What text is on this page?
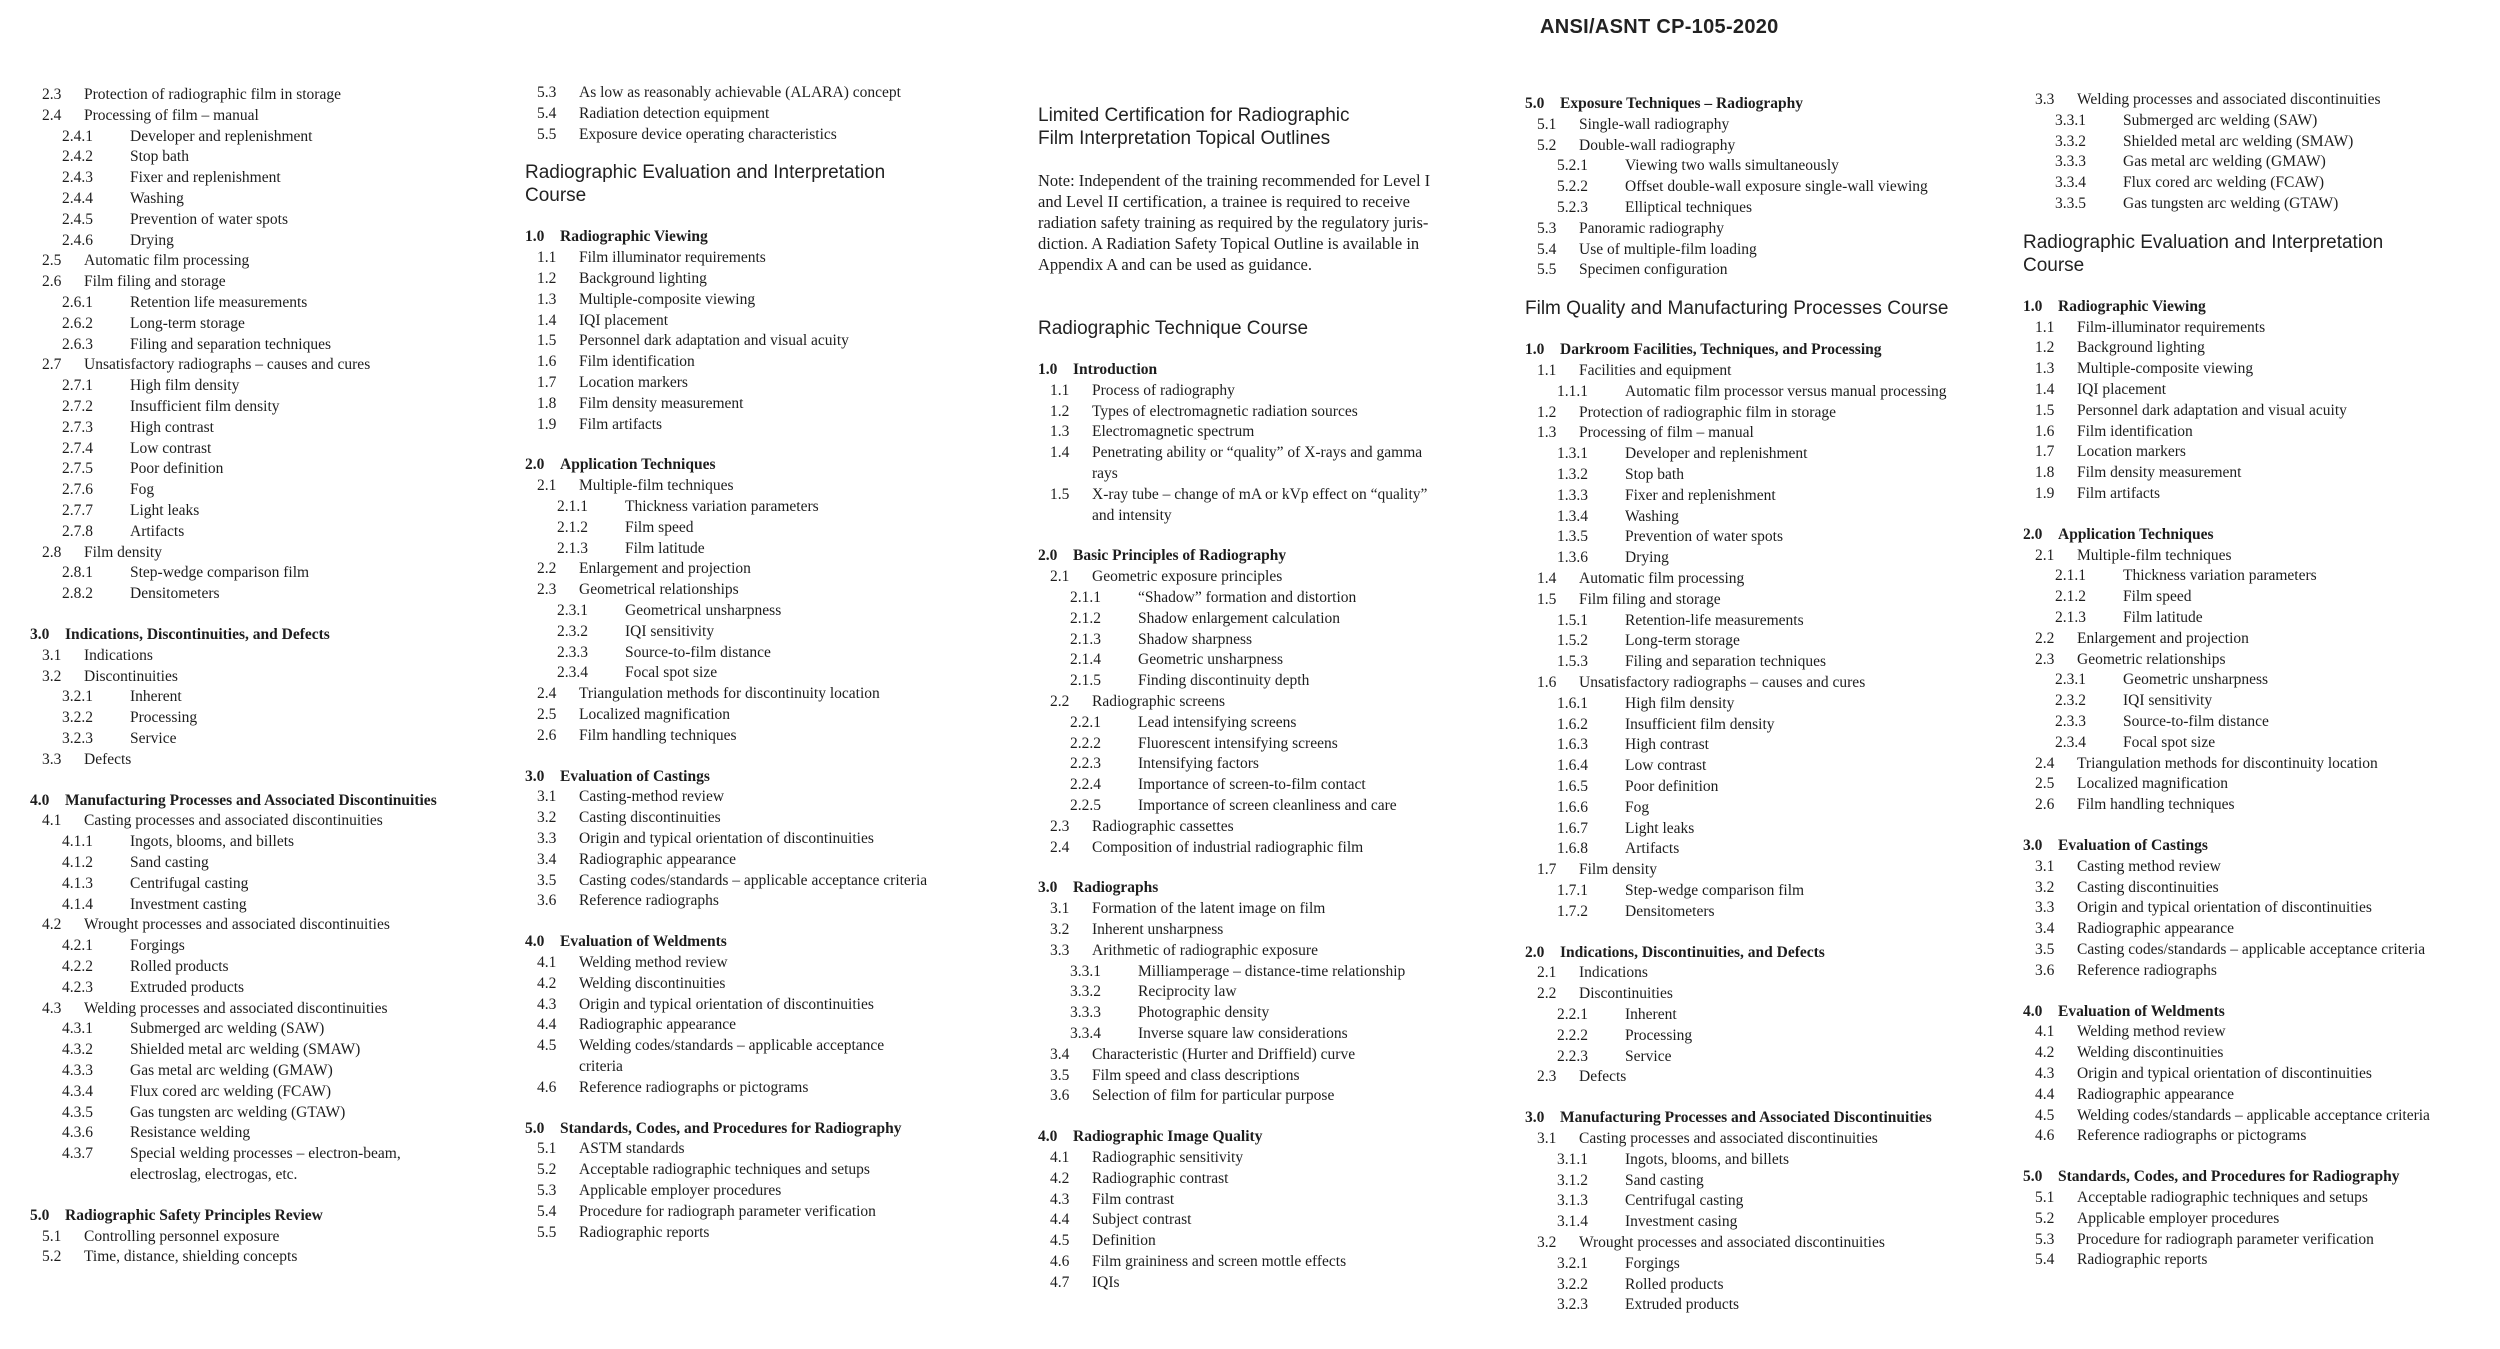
ANSI/ASNT CP-105-2020
2.3 Protection of radiographic film in storage
2.4 Processing of film – manual
2.4.1 Developer and replenishment
2.4.2 Stop bath
2.4.3 Fixer and replenishment
2.4.4 Washing
2.4.5 Prevention of water spots
2.4.6 Drying
2.5 Automatic film processing
2.6 Film filing and storage
2.6.1 Retention life measurements
2.6.2 Long-term storage
2.6.3 Filing and separation techniques
2.7 Unsatisfactory radiographs – causes and cures
2.7.1 High film density
2.7.2 Insufficient film density
2.7.3 High contrast
2.7.4 Low contrast
2.7.5 Poor definition
2.7.6 Fog
2.7.7 Light leaks
2.7.8 Artifacts
2.8 Film density
2.8.1 Step-wedge comparison film
2.8.2 Densitometers
3.0 Indications, Discontinuities, and Defects
3.1 Indications
3.2 Discontinuities
3.2.1 Inherent
3.2.2 Processing
3.2.3 Service
3.3 Defects
4.0 Manufacturing Processes and Associated Discontinuities
4.1 Casting processes and associated discontinuities
4.1.1 Ingots, blooms, and billets
4.1.2 Sand casting
4.1.3 Centrifugal casting
4.1.4 Investment casting
4.2 Wrought processes and associated discontinuities
4.2.1 Forgings
4.2.2 Rolled products
4.2.3 Extruded products
4.3 Welding processes and associated discontinuities
4.3.1 Submerged arc welding (SAW)
4.3.2 Shielded metal arc welding (SMAW)
4.3.3 Gas metal arc welding (GMAW)
4.3.4 Flux cored arc welding (FCAW)
4.3.5 Gas tungsten arc welding (GTAW)
4.3.6 Resistance welding
4.3.7 Special welding processes – electron-beam,
electroslag, electrogas, etc.
5.0 Radiographic Safety Principles Review
5.1 Controlling personnel exposure
5.2 Time, distance, shielding concepts
5.3 As low as reasonably achievable (ALARA) concept
5.4 Radiation detection equipment
5.5 Exposure device operating characteristics
Radiographic Evaluation and Interpretation
Course
1.0 Radiographic Viewing
1.1 Film illuminator requirements
1.2 Background lighting
1.3 Multiple-composite viewing
1.4 IQI placement
1.5 Personnel dark adaptation and visual acuity
1.6 Film identification
1.7 Location markers
1.8 Film density measurement
1.9 Film artifacts
2.0 Application Techniques
2.1 Multiple-film techniques
2.1.1 Thickness variation parameters
2.1.2 Film speed
2.1.3 Film latitude
2.2 Enlargement and projection
2.3 Geometrical relationships
2.3.1 Geometrical unsharpness
2.3.2 IQI sensitivity
2.3.3 Source-to-film distance
2.3.4 Focal spot size
2.4 Triangulation methods for discontinuity location
2.5 Localized magnification
2.6 Film handling techniques
3.0 Evaluation of Castings
3.1 Casting-method review
3.2 Casting discontinuities
3.3 Origin and typical orientation of discontinuities
3.4 Radiographic appearance
3.5 Casting codes/standards – applicable acceptance criteria
3.6 Reference radiographs
4.0 Evaluation of Weldments
4.1 Welding method review
4.2 Welding discontinuities
4.3 Origin and typical orientation of discontinuities
4.4 Radiographic appearance
4.5 Welding codes/standards – applicable acceptance
criteria
4.6 Reference radiographs or pictograms
5.0 Standards, Codes, and Procedures for Radiography
5.1 ASTM standards
5.2 Acceptable radiographic techniques and setups
5.3 Applicable employer procedures
5.4 Procedure for radiograph parameter verification
5.5 Radiographic reports
Limited Certification for Radiographic
Film Interpretation Topical Outlines
Note: Independent of the training recommended for Level I
and Level II certification, a trainee is required to receive
radiation safety training as required by the regulatory juris-
diction. A Radiation Safety Topical Outline is available in
Appendix A and can be used as guidance.
Radiographic Technique Course
1.0 Introduction
1.1 Process of radiography
1.2 Types of electromagnetic radiation sources
1.3 Electromagnetic spectrum
1.4 Penetrating ability or “quality” of X-rays and gamma
rays
1.5 X-ray tube – change of mA or kVp effect on “quality”
and intensity
2.0 Basic Principles of Radiography
2.1 Geometric exposure principles
2.1.1 “Shadow” formation and distortion
2.1.2 Shadow enlargement calculation
2.1.3 Shadow sharpness
2.1.4 Geometric unsharpness
2.1.5 Finding discontinuity depth
2.2 Radiographic screens
2.2.1 Lead intensifying screens
2.2.2 Fluorescent intensifying screens
2.2.3 Intensifying factors
2.2.4 Importance of screen-to-film contact
2.2.5 Importance of screen cleanliness and care
2.3 Radiographic cassettes
2.4 Composition of industrial radiographic film
3.0 Radiographs
3.1 Formation of the latent image on film
3.2 Inherent unsharpness
3.3 Arithmetic of radiographic exposure
3.3.1 Milliamperage – distance-time relationship
3.3.2 Reciprocity law
3.3.3 Photographic density
3.3.4 Inverse square law considerations
3.4 Characteristic (Hurter and Driffield) curve
3.5 Film speed and class descriptions
3.6 Selection of film for particular purpose
4.0 Radiographic Image Quality
4.1 Radiographic sensitivity
4.2 Radiographic contrast
4.3 Film contrast
4.4 Subject contrast
4.5 Definition
4.6 Film graininess and screen mottle effects
4.7 IQIs
5.0 Exposure Techniques – Radiography
5.1 Single-wall radiography
5.2 Double-wall radiography
5.2.1 Viewing two walls simultaneously
5.2.2 Offset double-wall exposure single-wall viewing
5.2.3 Elliptical techniques
5.3 Panoramic radiography
5.4 Use of multiple-film loading
5.5 Specimen configuration
Film Quality and Manufacturing Processes Course
1.0 Darkroom Facilities, Techniques, and Processing
1.1 Facilities and equipment
1.1.1 Automatic film processor versus manual processing
1.2 Protection of radiographic film in storage
1.3 Processing of film – manual
1.3.1 Developer and replenishment
1.3.2 Stop bath
1.3.3 Fixer and replenishment
1.3.4 Washing
1.3.5 Prevention of water spots
1.3.6 Drying
1.4 Automatic film processing
1.5 Film filing and storage
1.5.1 Retention-life measurements
1.5.2 Long-term storage
1.5.3 Filing and separation techniques
1.6 Unsatisfactory radiographs – causes and cures
1.6.1 High film density
1.6.2 Insufficient film density
1.6.3 High contrast
1.6.4 Low contrast
1.6.5 Poor definition
1.6.6 Fog
1.6.7 Light leaks
1.6.8 Artifacts
1.7 Film density
1.7.1 Step-wedge comparison film
1.7.2 Densitometers
2.0 Indications, Discontinuities, and Defects
2.1 Indications
2.2 Discontinuities
2.2.1 Inherent
2.2.2 Processing
2.2.3 Service
2.3 Defects
3.0 Manufacturing Processes and Associated Discontinuities
3.1 Casting processes and associated discontinuities
3.1.1 Ingots, blooms, and billets
3.1.2 Sand casting
3.1.3 Centrifugal casting
3.1.4 Investment casing
3.2 Wrought processes and associated discontinuities
3.2.1 Forgings
3.2.2 Rolled products
3.2.3 Extruded products
3.3 Welding processes and associated discontinuities
3.3.1 Submerged arc welding (SAW)
3.3.2 Shielded metal arc welding (SMAW)
3.3.3 Gas metal arc welding (GMAW)
3.3.4 Flux cored arc welding (FCAW)
3.3.5 Gas tungsten arc welding (GTAW)
Radiographic Evaluation and Interpretation
Course
1.0 Radiographic Viewing
1.1 Film-illuminator requirements
1.2 Background lighting
1.3 Multiple-composite viewing
1.4 IQI placement
1.5 Personnel dark adaptation and visual acuity
1.6 Film identification
1.7 Location markers
1.8 Film density measurement
1.9 Film artifacts
2.0 Application Techniques
2.1 Multiple-film techniques
2.1.1 Thickness variation parameters
2.1.2 Film speed
2.1.3 Film latitude
2.2 Enlargement and projection
2.3 Geometric relationships
2.3.1 Geometric unsharpness
2.3.2 IQI sensitivity
2.3.3 Source-to-film distance
2.3.4 Focal spot size
2.4 Triangulation methods for discontinuity location
2.5 Localized magnification
2.6 Film handling techniques
3.0 Evaluation of Castings
3.1 Casting method review
3.2 Casting discontinuities
3.3 Origin and typical orientation of discontinuities
3.4 Radiographic appearance
3.5 Casting codes/standards – applicable acceptance criteria
3.6 Reference radiographs
4.0 Evaluation of Weldments
4.1 Welding method review
4.2 Welding discontinuities
4.3 Origin and typical orientation of discontinuities
4.4 Radiographic appearance
4.5 Welding codes/standards – applicable acceptance criteria
4.6 Reference radiographs or pictograms
5.0 Standards, Codes, and Procedures for Radiography
5.1 Acceptable radiographic techniques and setups
5.2 Applicable employer procedures
5.3 Procedure for radiograph parameter verification
5.4 Radiographic reports
